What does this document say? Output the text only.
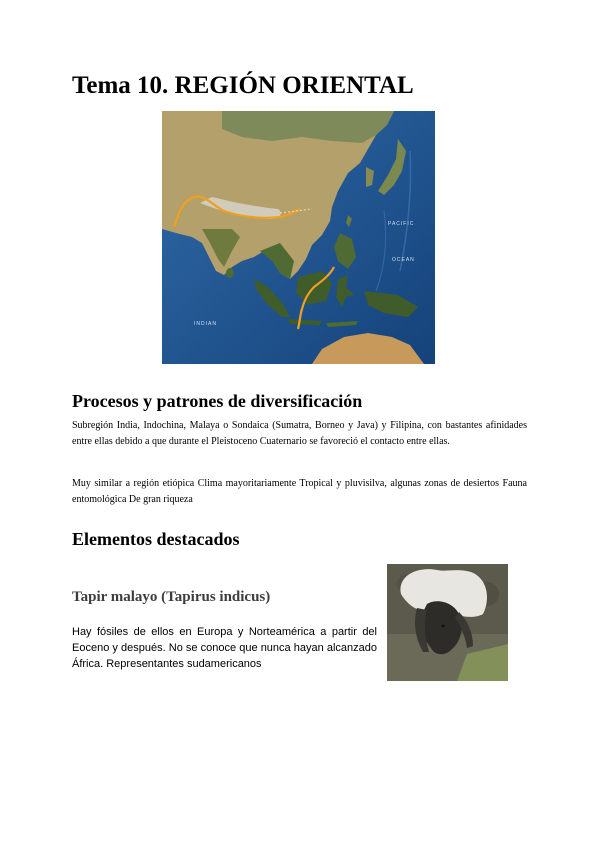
Tema 10. REGIÓN ORIENTAL
PACIFIC
OCEAN
INDIAN
Procesos y patrones de diversificación

Subregión India, Indochina, Malaya o Sondaica (Sumatra, Borneo y Java) y Filipina, con bastantes afinidades entre ellas debido a que durante el Pleistoceno Cuaternario se favoreció el contacto entre ellas.

Muy similar a región etiópica Clima mayoritariamente Tropical y pluvisilva, algunas zonas de desiertos Fauna entomológica De gran riqueza

Elementos destacados
Tapir malayo (Tapirus indicus)

Hay fósiles de ellos en Europa y Norteamérica a partir del Eoceno y después. No se conoce que nunca hayan alcanzado África. Representantes sudamericanos
